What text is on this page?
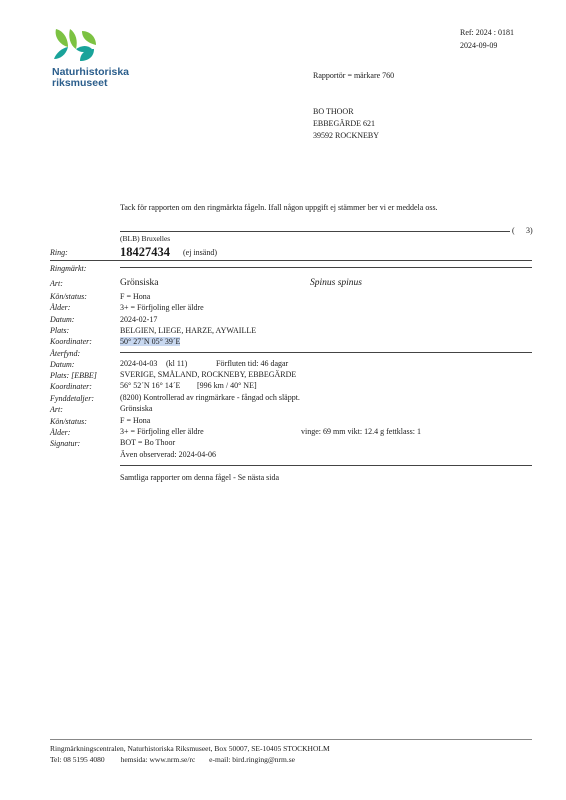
Naturhistoriska
riksmuseet
Ref: 2024 : 0181
2024-09-09
Rapportör = märkare 760
BO THOOR
EBBEGÄRDE 621
39592 ROCKNEBY
Tack för rapporten om den ringmärkta fågeln. Ifall någon uppgift ej stämmer ber vi er meddela oss.
( 3)
(BLB) Bruxelles
Ring:	18427434 (ej insänd)
Ringmärkt:
Art:	Grönsiska	Spinus spinus
Kön/status:	F = Hona
Ålder:	3+ = Förfjoling eller äldre
Datum:	2024-02-17
Plats:	BELGIEN, LIEGE, HARZE, AYWAILLE
Koordinater:	50° 27´N 05° 39´E
Återfynd:
Datum:	2024-04-03 (kl 11)	Förfluten tid: 46 dagar
Plats: [EBBE]	SVERIGE, SMÅLAND, ROCKNEBY, EBBEGÄRDE
Koordinater:	56° 52´N 16° 14´E [996 km / 40° NE]
Fynddetaljer:	(8200) Kontrollerad av ringmärkare - fångad och släppt.
Art:	Grönsiska
Kön/status:	F = Hona
Ålder:	3+ = Förfjoling eller äldre	vinge: 69 mm vikt: 12.4 g fettklass: 1
Signatur:	BOT = Bo Thoor
Även observerad: 2024-04-06
Samtliga rapporter om denna fågel - Se nästa sida
Ringmärkningscentralen, Naturhistoriska Riksmuseet, Box 50007, SE-10405 STOCKHOLM
Tel: 08 5195 4080 hemsida: www.nrm.se/rc e-mail: bird.ringing@nrm.se
